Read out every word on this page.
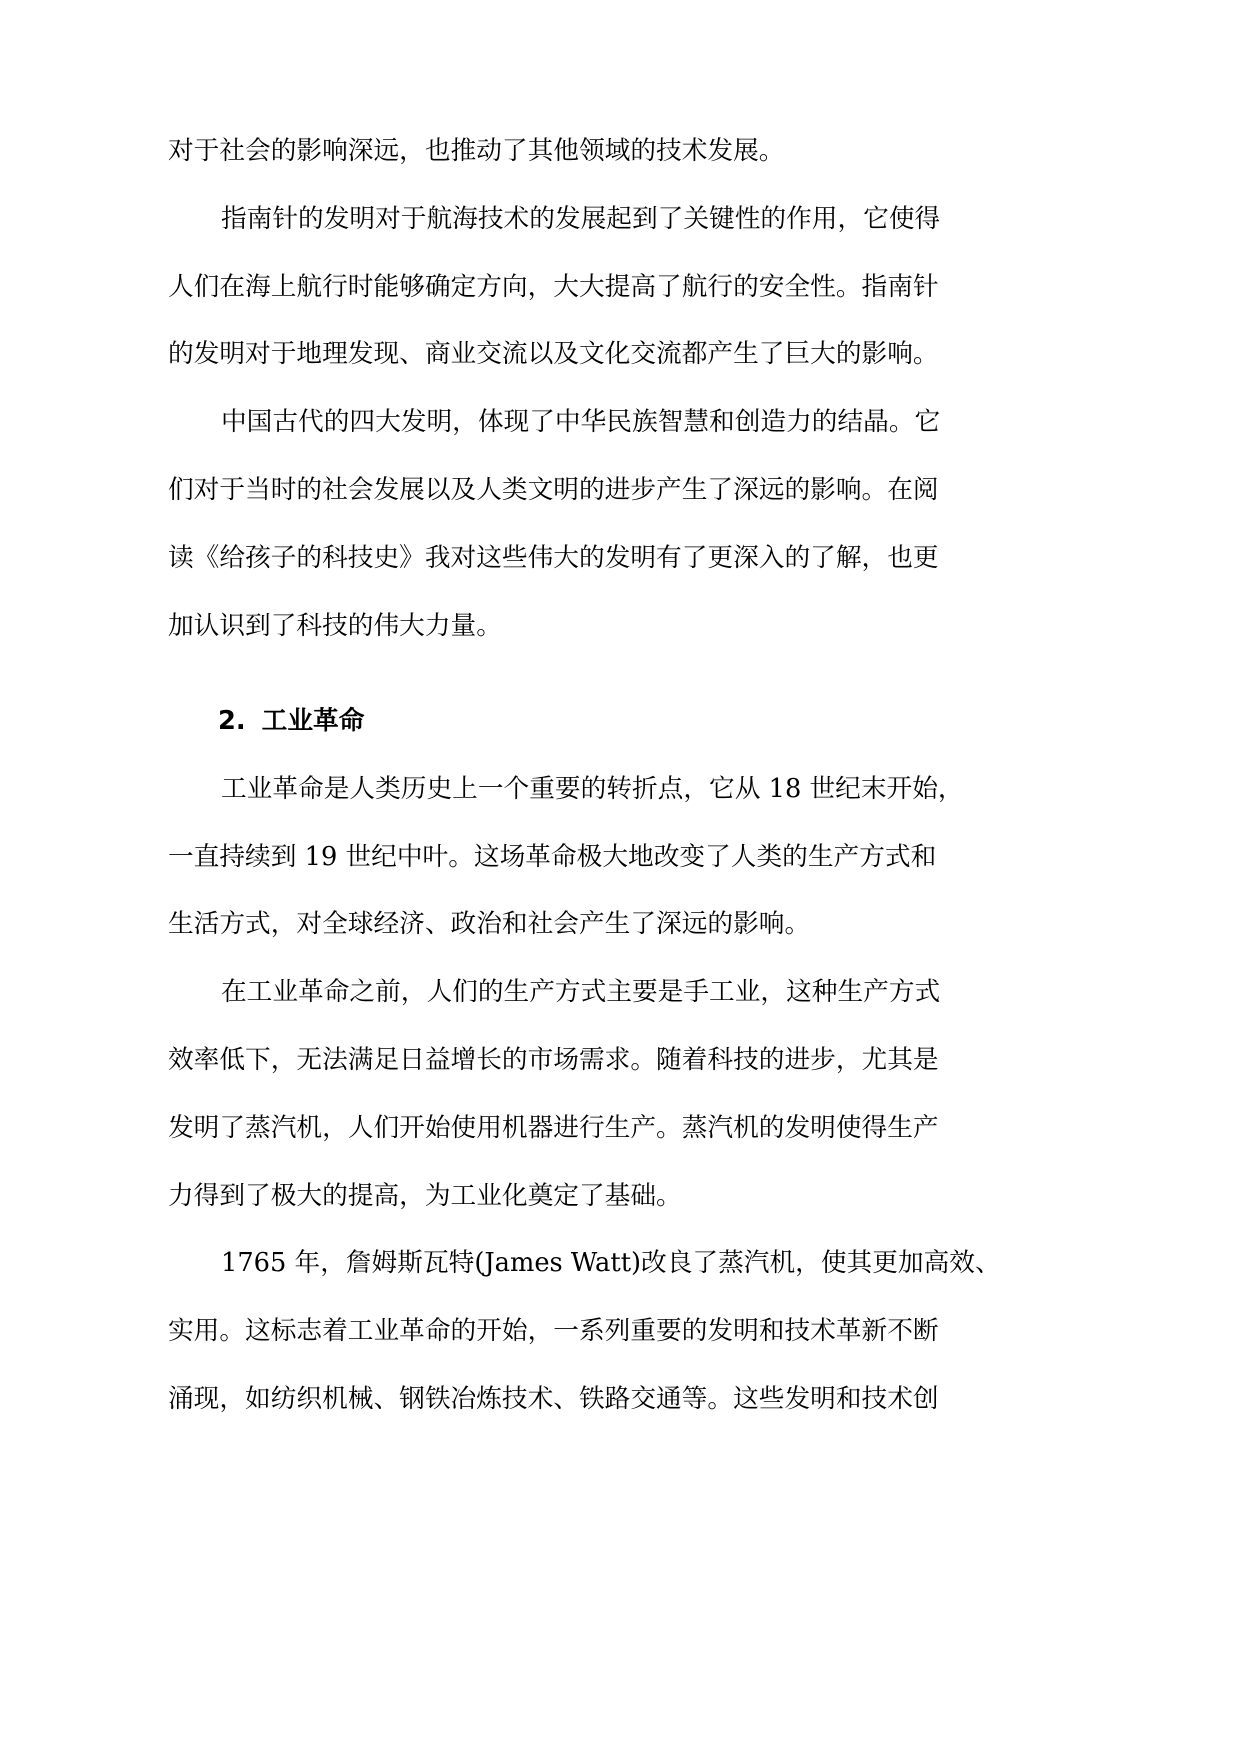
对于社会的影响深远，也推动了其他领域的技术发展。
指南针的发明对于航海技术的发展起到了关键性的作用，它使得
人们在海上航行时能够确定方向，大大提高了航行的安全性。指南针
的发明对于地理发现、商业交流以及文化交流都产生了巨大的影响。
中国古代的四大发明，体现了中华民族智慧和创造力的结晶。它
们对于当时的社会发展以及人类文明的进步产生了深远的影响。在阅
读《给孩子的科技史》我对这些伟大的发明有了更深入的了解，也更
加认识到了科技的伟大力量。
2. 工业革命
工业革命是人类历史上一个重要的转折点，它从 18 世纪末开始，
一直持续到 19 世纪中叶。这场革命极大地改变了人类的生产方式和
生活方式，对全球经济、政治和社会产生了深远的影响。
在工业革命之前，人们的生产方式主要是手工业，这种生产方式
效率低下，无法满足日益增长的市场需求。随着科技的进步，尤其是
发明了蒸汽机，人们开始使用机器进行生产。蒸汽机的发明使得生产
力得到了极大的提高，为工业化奠定了基础。
1765 年，詹姆斯瓦特(James Watt)改良了蒸汽机，使其更加高效、
实用。这标志着工业革命的开始，一系列重要的发明和技术革新不断
涌现，如纺织机械、钢铁冶炼技术、铁路交通等。这些发明和技术创
